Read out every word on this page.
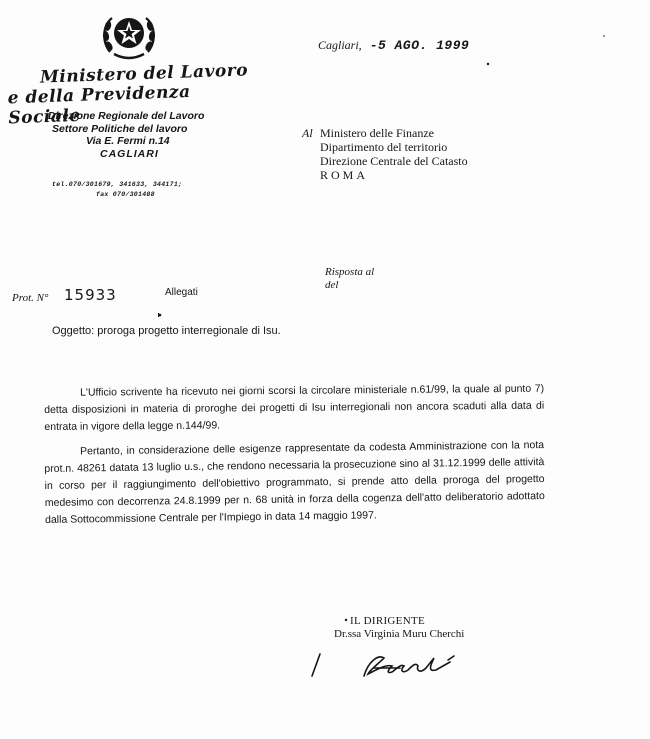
Ministero del Lavoro
e della Previdenza Sociale
Direzione Regionale del Lavoro
Settore Politiche del lavoro
Via E. Fermi n.14
CAGLIARI
tel.070/301679, 341633, 344171;
fax 070/301488
Cagliari, -5 AGO. 1999
Al Ministero delle Finanze
Dipartimento del territorio
Direzione Centrale del Catasto
ROMA
Risposta al
del
Prot. N° 15933	Allegati
Oggetto: proroga progetto interregionale di Isu.

L'Ufficio scrivente ha ricevuto nei giorni scorsi la circolare ministeriale n.61/99, la quale al punto 7) detta disposizioni in materia di proroghe dei progetti di Isu interregionali non ancora scaduti alla data di entrata in vigore della legge n.144/99.

Pertanto, in considerazione delle esigenze rappresentate da codesta Amministrazione con la nota prot.n. 48261 datata 13 luglio u.s., che rendono necessaria la prosecuzione sino al 31.12.1999 delle attività in corso per il raggiungimento dell'obiettivo programmato, si prende atto della proroga del progetto medesimo con decorrenza 24.8.1999 per n. 68 unità in forza della cogenza dell'atto deliberatorio adottato dalla Sottocommissione Centrale per l'Impiego in data 14 maggio 1997.

IL DIRIGENTE
Dr.ssa Virginia Muru Cherchi
